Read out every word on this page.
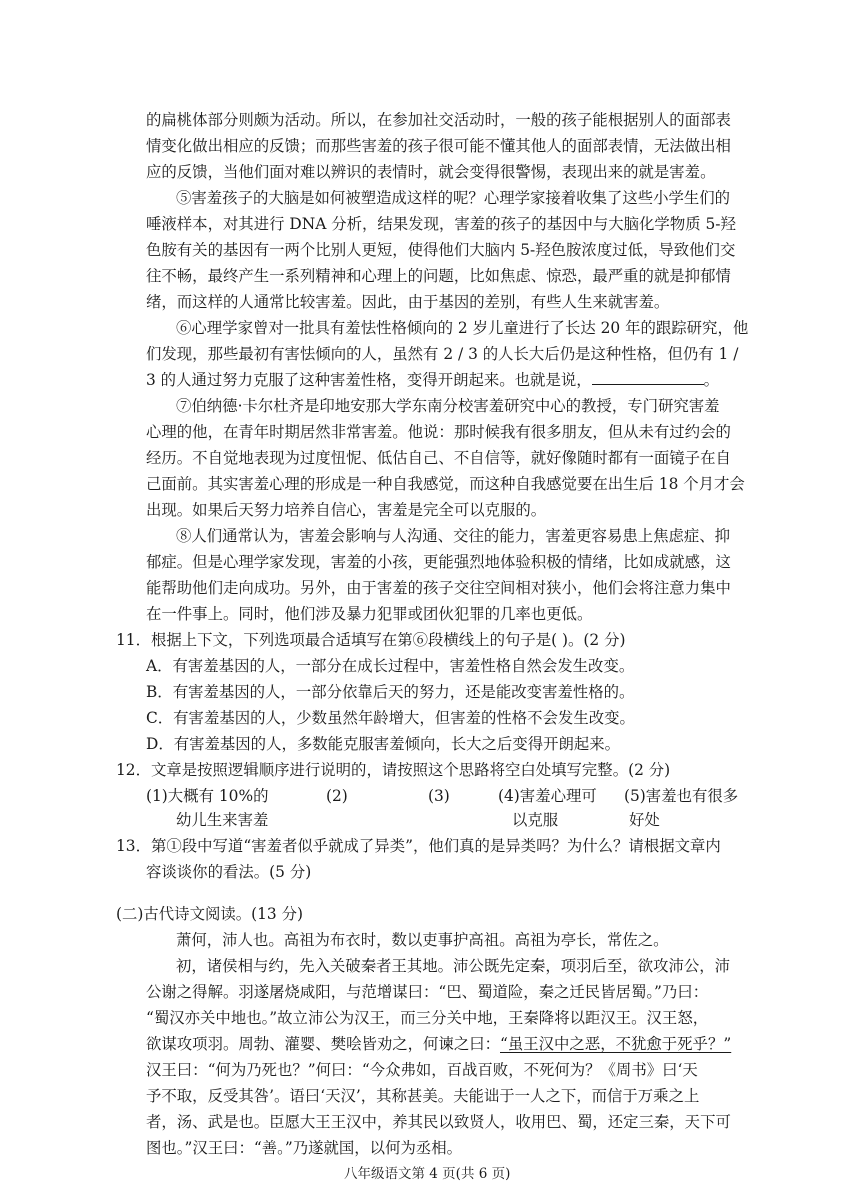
的扁桃体部分则颇为活动。所以，在参加社交活动时，一般的孩子能根据别人的面部表
情变化做出相应的反馈；而那些害羞的孩子很可能不懂其他人的面部表情，无法做出相
应的反馈，当他们面对难以辨识的表情时，就会变得很警惕，表现出来的就是害羞。
⑤害羞孩子的大脑是如何被塑造成这样的呢？心理学家接着收集了这些小学生们的
唾液样本，对其进行 DNA 分析，结果发现，害羞的孩子的基因中与大脑化学物质 5-羟
色胺有关的基因有一两个比别人更短，使得他们大脑内 5-羟色胺浓度过低，导致他们交
往不畅，最终产生一系列精神和心理上的问题，比如焦虑、惊恐，最严重的就是抑郁情
绪，而这样的人通常比较害羞。因此，由于基因的差别，有些人生来就害羞。
⑥心理学家曾对一批具有羞怯性格倾向的 2 岁儿童进行了长达 20 年的跟踪研究，他
们发现，那些最初有害怯倾向的人，虽然有 2 / 3 的人长大后仍是这种性格，但仍有 1 /
3 的人通过努力克服了这种害羞性格，变得开朗起来。也就是说，	。
⑦伯纳德·卡尔杜齐是印地安那大学东南分校害羞研究中心的教授，专门研究害羞
心理的他，在青年时期居然非常害羞。他说：那时候我有很多朋友，但从未有过约会的
经历。不自觉地表现为过度忸怩、低估自己、不自信等，就好像随时都有一面镜子在自
己面前。其实害羞心理的形成是一种自我感觉，而这种自我感觉要在出生后 18 个月才会
出现。如果后天努力培养自信心，害羞是完全可以克服的。
⑧人们通常认为，害羞会影响与人沟通、交往的能力，害羞更容易患上焦虑症、抑
郁症。但是心理学家发现，害羞的小孩，更能强烈地体验积极的情绪，比如成就感，这
能帮助他们走向成功。另外，由于害羞的孩子交往空间相对狭小，他们会将注意力集中
在一件事上。同时，他们涉及暴力犯罪或团伙犯罪的几率也更低。
11．根据上下文，下列选项最合适填写在第⑥段横线上的句子是( )。(2 分)
A．有害羞基因的人，一部分在成长过程中，害羞性格自然会发生改变。
B．有害羞基因的人，一部分依靠后天的努力，还是能改变害羞性格的。
C．有害羞基因的人，少数虽然年龄增大，但害羞的性格不会发生改变。
D．有害羞基因的人，多数能克服害羞倾向，长大之后变得开朗起来。
12．文章是按照逻辑顺序进行说明的，请按照这个思路将空白处填写完整。(2 分)
(1)大概有 10%的
幼儿生来害羞
(2)	(3)	(4)害羞心理可
以克服
(5)害羞也有很多
好处
13．第①段中写道“害羞者似乎就成了异类”，他们真的是异类吗？为什么？请根据文章内
容谈谈你的看法。(5 分)
(二)古代诗文阅读。(13 分)
萧何，沛人也。高祖为布衣时，数以吏事护高祖。高祖为亭长，常佐之。
初，诸侯相与约，先入关破秦者王其地。沛公既先定秦，项羽后至，欲攻沛公，沛
公谢之得解。羽遂屠烧咸阳，与范增谋曰：“巴、蜀道险，秦之迁民皆居蜀。”乃曰：
“蜀汉亦关中地也。”故立沛公为汉王，而三分关中地，王秦降将以距汉王。汉王怒，
欲谋攻项羽。周勃、灌婴、樊哙皆劝之，何谏之曰：“虽王汉中之恶，不犹愈于死乎？”
汉王曰：“何为乃死也？”何曰：“今众弗如，百战百败，不死何为？《周书》曰‘天
予不取，反受其咎’。语曰‘天汉’，其称甚美。夫能诎于一人之下，而信于万乘之上
者，汤、武是也。臣愿大王王汉中，养其民以致贤人，收用巴、蜀，还定三秦，天下可
图也。”汉王曰：“善。”乃遂就国，以何为丞相。
八年级语文第 4 页(共 6 页)
